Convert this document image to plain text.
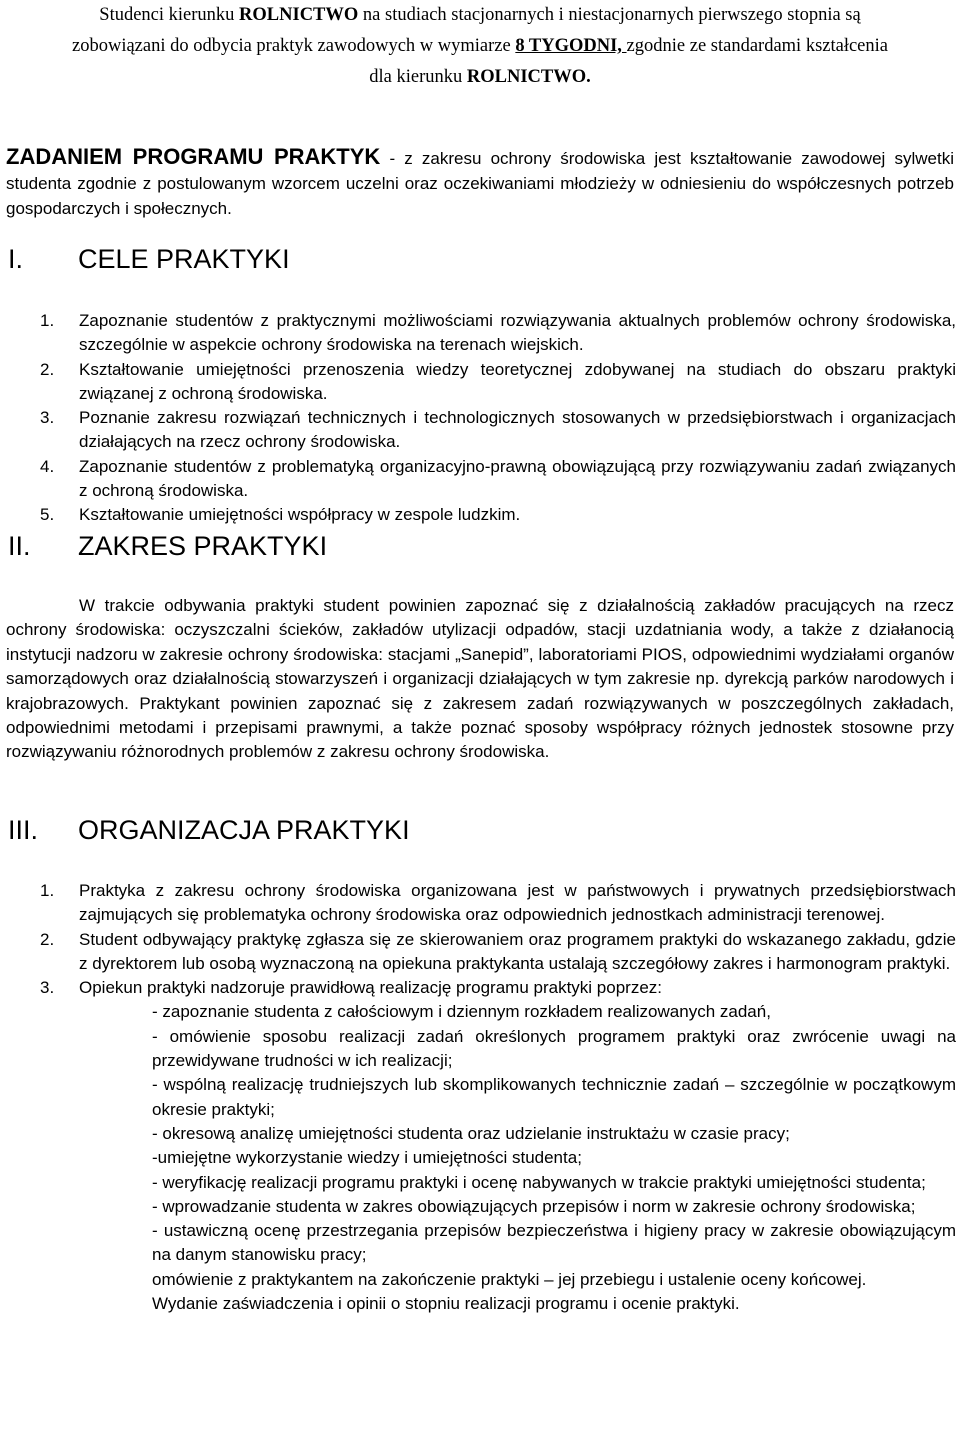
Studenci kierunku ROLNICTWO na studiach stacjonarnych i niestacjonarnych pierwszego stopnia są
zobowiązani do odbycia praktyk zawodowych w wymiarze 8 TYGODNI, zgodnie ze standardami kształcenia
dla kierunku ROLNICTWO.

ZADANIEM PROGRAMU PRAKTYK - z zakresu ochrony środowiska jest kształtowanie zawodowej sylwetki studenta zgodnie z postulowanym wzorcem uczelni oraz oczekiwaniami młodzieży w odniesieniu do współczesnych potrzeb gospodarczych i społecznych.

I. CELE PRAKTYKI
1. Zapoznanie studentów z praktycznymi możliwościami rozwiązywania aktualnych problemów ochrony środowiska, szczególnie w aspekcie ochrony środowiska na terenach wiejskich.
2. Kształtowanie umiejętności przenoszenia wiedzy teoretycznej zdobywanej na studiach do obszaru praktyki związanej z ochroną środowiska.
3. Poznanie zakresu rozwiązań technicznych i technologicznych stosowanych w przedsiębiorstwach i organizacjach działających na rzecz ochrony środowiska.
4. Zapoznanie studentów z problematyką organizacyjno-prawną obowiązującą przy rozwiązywaniu zadań związanych z ochroną środowiska.
5. Kształtowanie umiejętności współpracy w zespole ludzkim.
II. ZAKRES PRAKTYKI

W trakcie odbywania praktyki student powinien zapoznać się z działalnością zakładów pracujących na rzecz ochrony środowiska: oczyszczalni ścieków, zakładów utylizacji odpadów, stacji uzdatniania wody, a także z działanocią instytucji nadzoru w zakresie ochrony środowiska: stacjami „Sanepid”, laboratoriami PIOS, odpowiednimi wydziałami organów samorządowych oraz działalnością stowarzyszeń i organizacji działających w tym zakresie np. dyrekcją parków narodowych i krajobrazowych. Praktykant powinien zapoznać się z zakresem zadań rozwiązywanych w poszczególnych zakładach, odpowiednimi metodami i przepisami prawnymi, a także poznać sposoby współpracy różnych jednostek stosowne przy rozwiązywaniu różnorodnych problemów z zakresu ochrony środowiska.

III. ORGANIZACJA PRAKTYKI
1. Praktyka z zakresu ochrony środowiska organizowana jest w państwowych i prywatnych przedsiębiorstwach zajmujących się problematyka ochrony środowiska oraz odpowiednich jednostkach administracji terenowej.
2. Student odbywający praktykę zgłasza się ze skierowaniem oraz programem praktyki do wskazanego zakładu, gdzie z dyrektorem lub osobą wyznaczoną na opiekuna praktykanta ustalają szczegółowy zakres i harmonogram praktyki.
3. Opiekun praktyki nadzoruje prawidłową realizację programu praktyki poprzez:
- zapoznanie studenta z całościowym i dziennym rozkładem realizowanych zadań,
- omówienie sposobu realizacji zadań określonych programem praktyki oraz zwrócenie uwagi na przewidywane trudności w ich realizacji;
- wspólną realizację trudniejszych lub skomplikowanych technicznie zadań – szczególnie w początkowym okresie praktyki;
- okresową analizę umiejętności studenta oraz udzielanie instruktażu w czasie pracy;
-umiejętne wykorzystanie wiedzy i umiejętności studenta;
- weryfikację realizacji programu praktyki i ocenę nabywanych w trakcie praktyki umiejętności studenta;
- wprowadzanie studenta w zakres obowiązujących przepisów i norm w zakresie ochrony środowiska;
- ustawiczną ocenę przestrzegania przepisów bezpieczeństwa i higieny pracy w zakresie obowiązującym na danym stanowisku pracy;
omówienie z praktykantem na zakończenie praktyki – jej przebiegu i ustalenie oceny końcowej.
Wydanie zaświadczenia i opinii o stopniu realizacji programu i ocenie praktyki.
